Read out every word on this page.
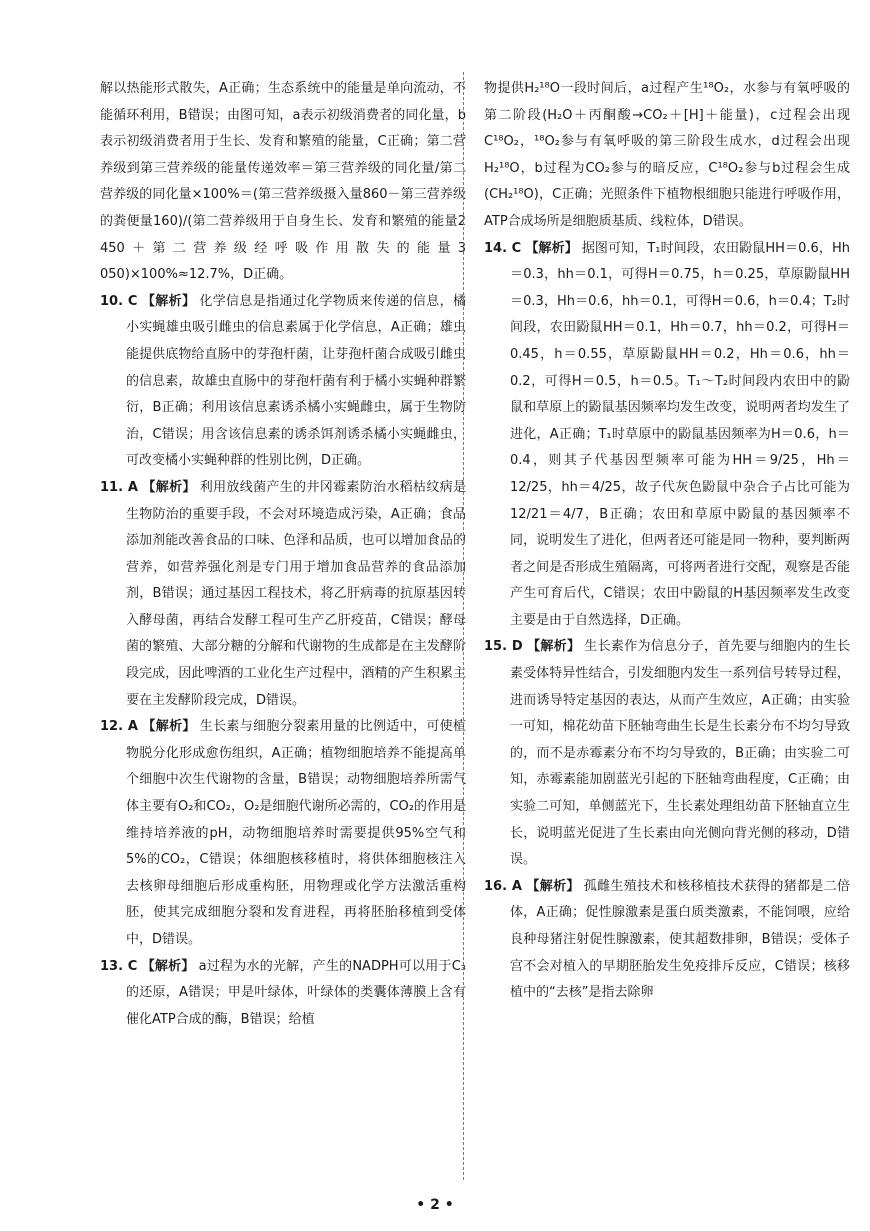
解以热能形式散失，A正确；生态系统中的能量是单向流动，不能循环利用，B错误；由图可知，a表示初级消费者的同化量，b表示初级消费者用于生长、发育和繁殖的能量，C正确；第二营养级到第三营养级的能量传递效率＝第三营养级的同化量/第二营养级的同化量×100%＝(第三营养级摄入量860－第三营养级的粪便量160)/(第二营养级用于自身生长、发育和繁殖的能量2 450＋第二营养级经呼吸作用散失的能量3 050)×100%≈12.7%，D正确。

10. C 【解析】 化学信息是指通过化学物质来传递的信息，橘小实蝇雄虫吸引雌虫的信息素属于化学信息，A正确；雄虫能提供底物给直肠中的芽孢杆菌，让芽孢杆菌合成吸引雌虫的信息素，故雄虫直肠中的芽孢杆菌有利于橘小实蝇种群繁衍，B正确；利用该信息素诱杀橘小实蝇雌虫，属于生物防治，C错误；用含该信息素的诱杀饵剂诱杀橘小实蝇雌虫，可改变橘小实蝇种群的性别比例，D正确。

11. A 【解析】 利用放线菌产生的井冈霉素防治水稻枯纹病是生物防治的重要手段，不会对环境造成污染，A正确；食品添加剂能改善食品的口味、色泽和品质，也可以增加食品的营养，如营养强化剂是专门用于增加食品营养的食品添加剂，B错误；通过基因工程技术，将乙肝病毒的抗原基因转入酵母菌，再结合发酵工程可生产乙肝疫苗，C错误；酵母菌的繁殖、大部分糖的分解和代谢物的生成都是在主发酵阶段完成，因此啤酒的工业化生产过程中，酒精的产生积累主要在主发酵阶段完成，D错误。

12. A 【解析】 生长素与细胞分裂素用量的比例适中，可使植物脱分化形成愈伤组织，A正确；植物细胞培养不能提高单个细胞中次生代谢物的含量，B错误；动物细胞培养所需气体主要有O₂和CO₂，O₂是细胞代谢所必需的，CO₂的作用是维持培养液的pH，动物细胞培养时需要提供95%空气和5%的CO₂，C错误；体细胞核移植时，将供体细胞核注入去核卵母细胞后形成重构胚，用物理或化学方法激活重构胚，使其完成细胞分裂和发育进程，再将胚胎移植到受体中，D错误。

13. C 【解析】 a过程为水的光解，产生的NADPH可以用于C₃的还原，A错误；甲是叶绿体，叶绿体的类囊体薄膜上含有催化ATP合成的酶，B错误；给植

物提供H₂¹⁸O一段时间后，a过程产生¹⁸O₂，水参与有氧呼吸的第二阶段(H₂O＋丙酮酸→CO₂＋[H]＋能量)，c过程会出现C¹⁸O₂，¹⁸O₂参与有氧呼吸的第三阶段生成水，d过程会出现H₂¹⁸O，b过程为CO₂参与的暗反应，C¹⁸O₂参与b过程会生成(CH₂¹⁸O)，C正确；光照条件下植物根细胞只能进行呼吸作用，ATP合成场所是细胞质基质、线粒体，D错误。

14. C 【解析】 据图可知，T₁时间段，农田鼢鼠HH＝0.6，Hh＝0.3，hh＝0.1，可得H＝0.75，h＝0.25，草原鼢鼠HH＝0.3，Hh＝0.6，hh＝0.1，可得H＝0.6，h＝0.4；T₂时间段，农田鼢鼠HH＝0.1，Hh＝0.7，hh＝0.2，可得H＝0.45，h＝0.55，草原鼢鼠HH＝0.2，Hh＝0.6，hh＝0.2，可得H＝0.5，h＝0.5。T₁～T₂时间段内农田中的鼢鼠和草原上的鼢鼠基因频率均发生改变，说明两者均发生了进化，A正确；T₁时草原中的鼢鼠基因频率为H＝0.6，h＝0.4，则其子代基因型频率可能为HH＝9/25，Hh＝12/25，hh＝4/25，故子代灰色鼢鼠中杂合子占比可能为12/21＝4/7，B正确；农田和草原中鼢鼠的基因频率不同，说明发生了进化，但两者还可能是同一物种，要判断两者之间是否形成生殖隔离，可将两者进行交配，观察是否能产生可育后代，C错误；农田中鼢鼠的H基因频率发生改变主要是由于自然选择，D正确。

15. D 【解析】 生长素作为信息分子，首先要与细胞内的生长素受体特异性结合，引发细胞内发生一系列信号转导过程，进而诱导特定基因的表达，从而产生效应，A正确；由实验一可知，棉花幼苗下胚轴弯曲生长是生长素分布不均匀导致的，而不是赤霉素分布不均匀导致的，B正确；由实验二可知，赤霉素能加剧蓝光引起的下胚轴弯曲程度，C正确；由实验二可知，单侧蓝光下，生长素处理组幼苗下胚轴直立生长，说明蓝光促进了生长素由向光侧向背光侧的移动，D错误。

16. A 【解析】 孤雌生殖技术和核移植技术获得的猪都是二倍体，A正确；促性腺激素是蛋白质类激素，不能饲喂，应给良种母猪注射促性腺激素，使其超数排卵，B错误；受体子宫不会对植入的早期胚胎发生免疫排斥反应，C错误；核移植中的“去核”是指去除卵

• 2 •
